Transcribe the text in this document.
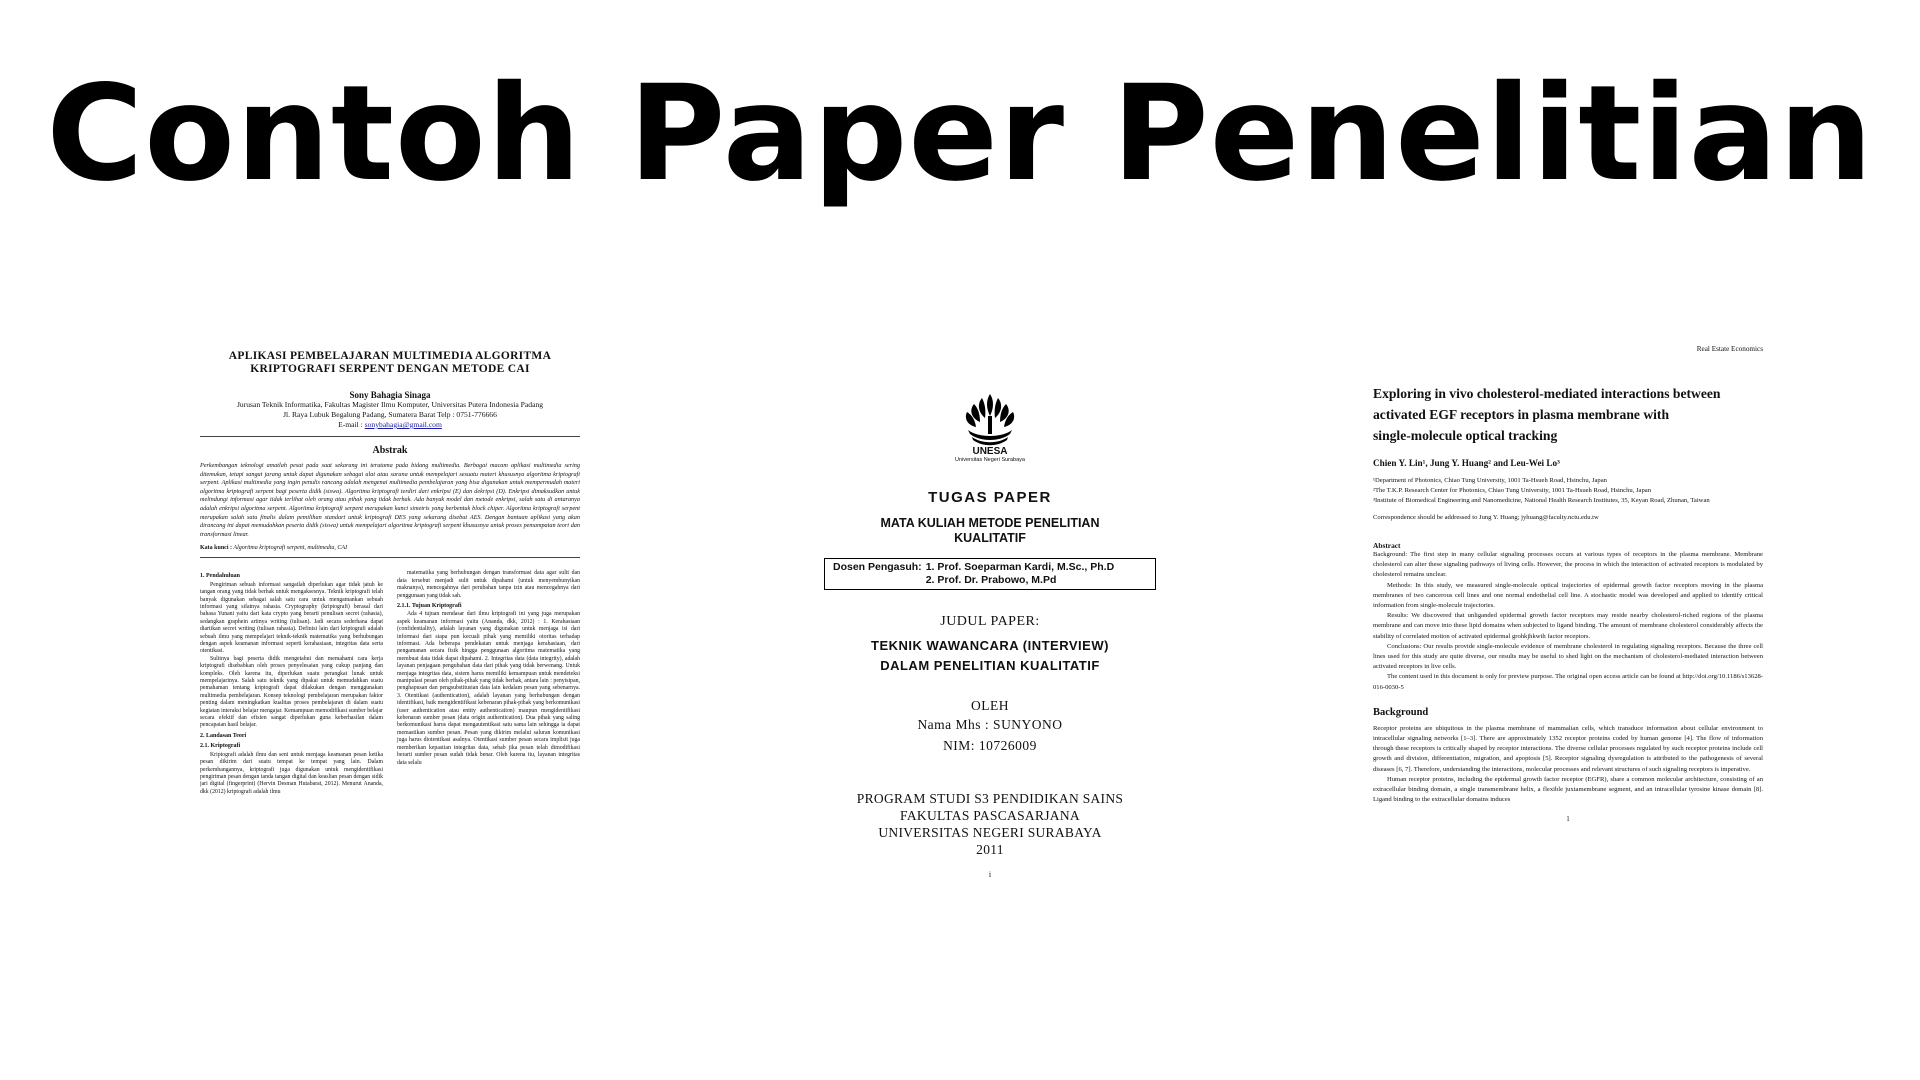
Contoh Paper Penelitian
APLIKASI PEMBELAJARAN MULTIMEDIA ALGORITMA
KRIPTOGRAFI SERPENT DENGAN METODE CAI
Sony Bahagia Sinaga
Jurusan Teknik Informatika, Fakultas Magister Ilmu Komputer, Universitas Putera Indonesia Padang
Jl. Raya Lubuk Begalung Padang, Sumatera Barat Telp : 0751-776666
E-mail : sonybahagia@gmail.com
Abstrak
Perkembangan teknologi amatlah pesat pada saat sekarang ini terutama pada bidang multimedia. Berbagai macam aplikasi multimedia sering ditemukan, tetapi sangat jarang untuk dapat digunakan sebagai alat atau sarana untuk mempelajari sesuatu materi khususnya algoritma kriptografi serpent. Aplikasi multimedia yang ingin penulis rancang adalah mengenai multimedia pembelajaran yang bisa digunakan untuk mempermudah materi algoritma kriptografi serpent bagi peserta didik (siswa). Algoritma kriptografi terdiri dari enkripsi (E) dan dekripsi (D). Enkripsi dimaksudkan untuk melindungi informasi agar tidak terlihat oleh orang atau pihak yang tidak berhak. Ada banyak model dan metode enkripsi, salah satu di antaranya adalah enkripsi algoritma serpent. Algoritma kriptografi serpent merupakan kunci simetris yang berbentuk block chiper. Algoritma kriptografi serpent merupakan salah satu finalis dalam pemilihan standart untuk kriptografi DES yang sekarang disebut AES. Dengan bantuan aplikasi yang akan dirancang ini dapat memudahkan peserta didik (siswa) untuk mempelajari algoritma kriptografi serpent khususnya untuk proses pemampatan teori dan transformasi linear.
Kata kunci : Algoritma kriptografi serpent, multimedia, CAI
1. Pendahuluan
Pengiriman sebuah informasi sangatlah diperlukan agar tidak jatuh ke tangan orang yang tidak berhak untuk mengaksesnya. Teknik kriptografi telah banyak digunakan sebagai salah satu cara untuk mengamankan sebuah informasi yang sifatnya rahasia. Cryptography (kriptografi) berasal dari bahasa Yunani yaitu dari kata crypto yang berarti penulisan secret (rahasia), sedangkan graphein artinya writing (tulisan). Jadi secara sederhana dapat diartikan secret writing (tulisan rahasia). Definisi lain dari kriptografi adalah sebuah ilmu yang mempelajari teknik-teknik matematika yang berhubungan dengan aspek keamanan informasi seperti kerahasiaan, integritas data serta otentikasi.
Sulitnya bagi peserta didik mengetahui dan memahami cara kerja kriptografi disebabkan oleh proses penyelesaian yang cukup panjang dan kompleks. Oleh karena itu, diperlukan suatu perangkat lunak untuk mempelajarinya. Salah satu teknik yang dipakai untuk memudahkan suatu pemahaman tentang kriptografi dapat dilakukan dengan menggunakan multimedia pembelajaran. Konsep teknologi pembelajaran merupakan faktor penting dalam meningkatkan kualitas proses pembelajaran di dalam suatu kegiatan interaksi belajar mengajar. Kemampuan memodifikasi sumber belajar secara efektif dan efisien sangat diperlukan guna keberhasilan dalam pencapaian hasil belajar.
2. Landasan Teori
2.1. Kriptografi
Kriptografi adalah ilmu dan seni untuk menjaga keamanan pesan ketika pesan dikirim dari suatu tempat ke tempat yang lain. Dalam perkembangannya, kriptografi juga digunakan untuk mengidentifikasi pengiriman pesan dengan tanda tangan digital dan keaslian pesan dengan sidik jari digital (fingerprint) (Hervin Desman Hutabarat, 2012). Menurut Ananda, dkk (2012) kriptografi adalah ilmu
matematika yang berhubungan dengan transformasi data agar sulit dan data tersebut menjadi sulit untuk dipahami (untuk menyembunyikan maknanya), mencegahnya dari perubahan tanpa izin atau mencegahnya dari penggunaan yang tidak sah.
2.1.1. Tujuan Kriptografi
Ada 4 tujuan mendasar dari ilmu kriptografi ini yang juga merupakan aspek keamanan informasi yaitu (Ananda, dkk, 2012) : 1. Kerahasiaan (confidentiality), adalah layanan yang digunakan untuk menjaga isi dari informasi dari siapa pun kecuali pihak yang memiliki otoritas terhadap informasi. Ada beberapa pendekatan untuk menjaga kerahasiaan, dari pengamanan secara fisik hingga penggunaan algoritma matematika yang membuat data tidak dapat dipahami. 2. Integritas data (data integrity), adalah layanan penjagaan pengubahan data dari pihak yang tidak berwenang. Untuk menjaga integritas data, sistem harus memiliki kemampuan untuk mendeteksi manipulasi pesan oleh pihak-pihak yang tidak berhak, antara lain : penyisipan, penghapusan dan pengsubstitusian data lain kedalam pesan yang sebenarnya. 3. Otentikasi (authentication), adalah layanan yang berhubungan dengan identifikasi, baik mengidentifikasi kebenaran pihak-pihak yang berkomunikasi (user authentication atau entity authentication) maupun mengidentifikasi kebenaran sumber pesan (data origin authentication). Dua pihak yang saling berkomunikasi harus dapat mengautentikasi satu sama lain sehingga ia dapat memastikan sumber pesan. Pesan yang dikirim melalui saluran komunikasi juga harus diotentikasi asalnya. Otentikasi sumber pesan secara implisit juga memberikan kepastian integritas data, sebab jika pesan telah dimodifikasi berarti sumber pesan sudah tidak benar. Oleh karena itu, layanan integritas data selalu
UNESA
Universitas Negeri Surabaya
TUGAS PAPER
MATA KULIAH METODE PENELITIAN
KUALITATIF
Dosen Pengasuh:	1. Prof. Soeparman Kardi, M.Sc., Ph.D
	2. Prof. Dr. Prabowo, M.Pd
JUDUL PAPER:
TEKNIK WAWANCARA (INTERVIEW)
DALAM PENELITIAN KUALITATIF
OLEH
Nama Mhs : SUNYONO
NIM: 10726009
PROGRAM STUDI S3 PENDIDIKAN SAINS
FAKULTAS PASCASARJANA
UNIVERSITAS NEGERI SURABAYA
2011
i
Real Estate Economics
Exploring in vivo cholesterol-mediated interactions between
activated EGF receptors in plasma membrane with
single-molecule optical tracking
Chien Y. Lin¹, Jung Y. Huang² and Leu-Wei Lo³
¹Department of Photonics, Chiao Tung University, 1001 Ta-Hsueh Road, Hsinchu, Japan
²The T.K.P. Research Center for Photonics, Chiao Tung University, 1001 Ta-Hsueh Road, Hsinchu, Japan
³Institute of Biomedical Engineering and Nanomedicine, National Health Research Institutes, 35, Keyan Road, Zhunan, Taiwan
Correspondence should be addressed to Jung Y. Huang; jyhuang@faculty.nctu.edu.tw
Abstract
Background: The first step in many cellular signaling processes occurs at various types of receptors in the plasma membrane. Membrane cholesterol can alter these signaling pathways of living cells. However, the process in which the interaction of activated receptors is modulated by cholesterol remains unclear.
Methods: In this study, we measured single-molecule optical trajectories of epidermal growth factor receptors moving in the plasma membranes of two cancerous cell lines and one normal endothelial cell line. A stochastic model was developed and applied to identify critical information from single-molecule trajectories.
Results: We discovered that unliganded epidermal growth factor receptors may reside nearby cholesterol-riched regions of the plasma membrane and can move into these lipid domains when subjected to ligand binding. The amount of membrane cholesterol considerably affects the stability of correlated motion of activated epidermal grohkjhkwth factor receptors.
Conclusions: Our results provide single-molecule evidence of membrane cholesterol in regulating signaling receptors. Because the three cell lines used for this study are quite diverse, our results may be useful to shed light on the mechanism of cholesterol-mediated interaction between activated receptors in live cells.
The content used in this document is only for preview purpose. The original open access article can be found at http://doi.org/10.1186/s13628-016-0030-5
Background
Receptor proteins are ubiquitous in the plasma membrane of mammalian cells, which transduce information about cellular environment to intracellular signaling networks [1–3]. There are approximately 1352 receptor proteins coded by human genome [4]. The flow of information through these receptors is critically shaped by receptor interactions. The diverse cellular processes regulated by such receptor proteins include cell growth and division, differentiation, migration, and apoptosis [5]. Receptor signaling dysregulation is attributed to the pathogenesis of several diseases [6, 7]. Therefore, understanding the interactions, molecular processes and relevant structures of such signaling receptors is imperative.
Human receptor proteins, including the epidermal growth factor receptor (EGFR), share a common molecular architecture, consisting of an extracellular binding domain, a single transmembrane helix, a flexible juxtamembrane segment, and an intracellular tyrosine kinase domain [8]. Ligand binding to the extracellular domains induces
1
